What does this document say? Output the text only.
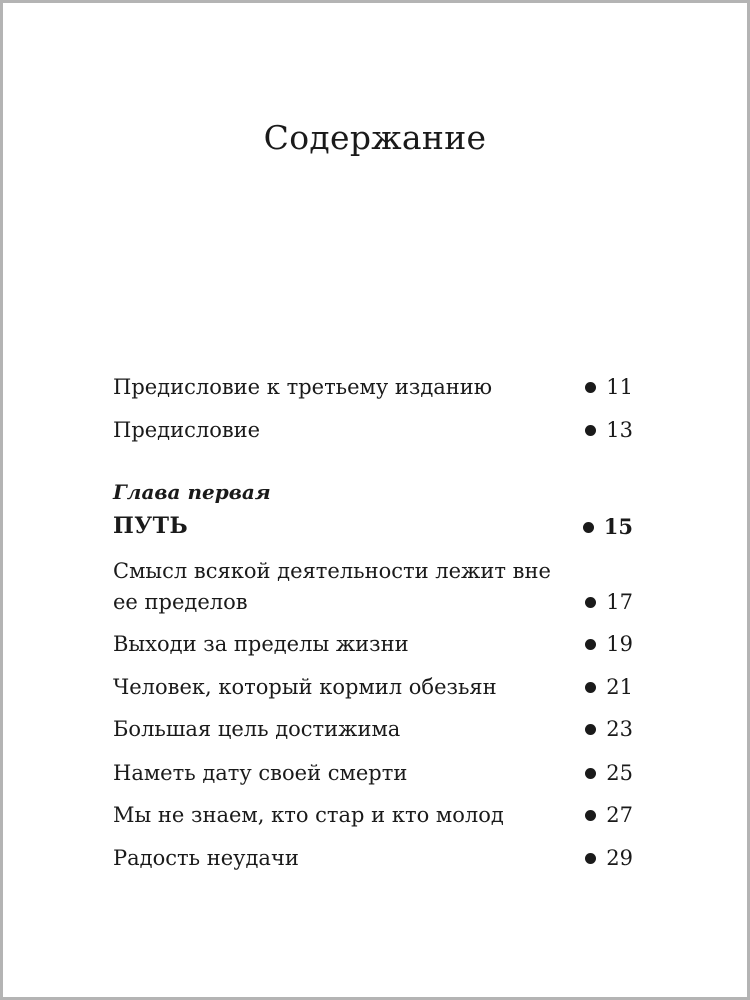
Содержание
Предисловие к третьему изданию	11
Предисловие	13
Глава первая
ПУТЬ	15
Смысл всякой деятельности лежит вне ее пределов	17
Выходи за пределы жизни	19
Человек, который кормил обезьян	21
Большая цель достижима	23
Наметь дату своей смерти	25
Мы не знаем, кто стар и кто молод	27
Радость неудачи	29
